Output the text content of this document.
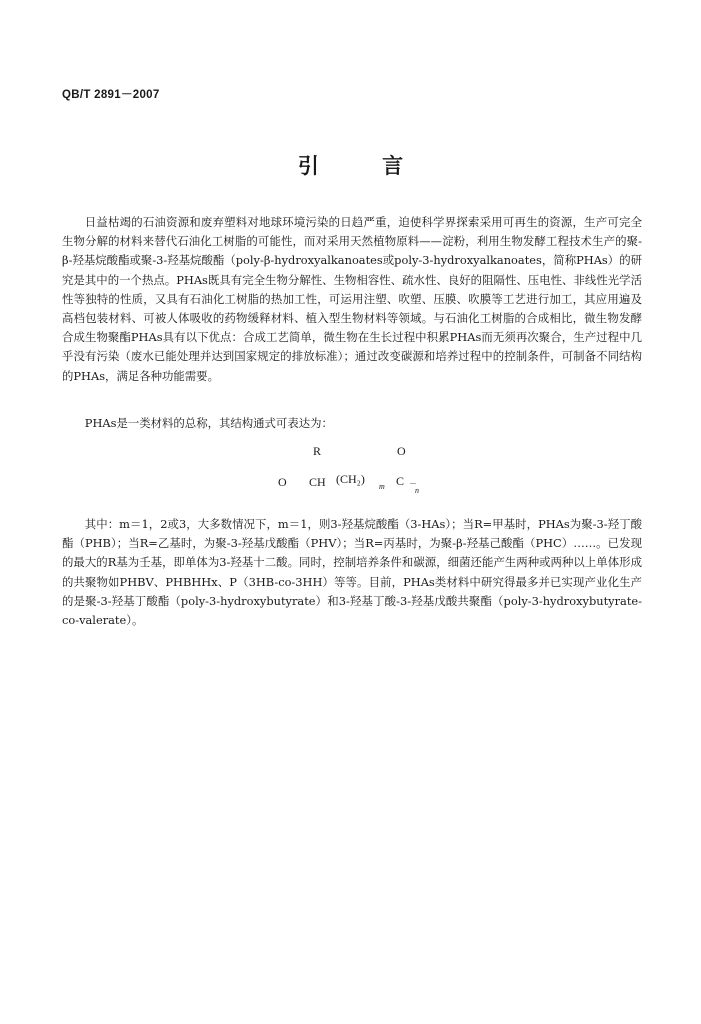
QB/T 2891－2007
引 言

日益枯竭的石油资源和废弃塑料对地球环境污染的日趋严重，迫使科学界探索采用可再生的资源，生产可完全生物分解的材料来替代石油化工树脂的可能性，而对采用天然植物原料——淀粉，利用生物发酵工程技术生产的聚-β-羟基烷酸酯或聚-3-羟基烷酸酯（poly-β-hydroxyalkanoates或poly-3-hydroxyalkanoates，简称PHAs）的研究是其中的一个热点。PHAs既具有完全生物分解性、生物相容性、疏水性、良好的阻隔性、压电性、非线性光学活性等独特的性质，又具有石油化工树脂的热加工性，可运用注塑、吹塑、压膜、吹膜等工艺进行加工，其应用遍及高档包装材料、可被人体吸收的药物缓释材料、植入型生物材料等领域。与石油化工树脂的合成相比，微生物发酵合成生物聚酯PHAs具有以下优点：合成工艺简单，微生物在生长过程中积累PHAs而无须再次聚合，生产过程中几乎没有污染（废水已能处理并达到国家规定的排放标准）；通过改变碳源和培养过程中的控制条件，可制备不同结构的PHAs，满足各种功能需要。

PHAs是一类材料的总称，其结构通式可表达为：

R	O
O CH (CH₂)
m C －
n

其中：m＝1，2或3，大多数情况下，m＝1，则3-羟基烷酸酯（3-HAs）；当R=甲基时，PHAs为聚-3-羟丁酸酯（PHB）；当R=乙基时，为聚-3-羟基戊酸酯（PHV）；当R=丙基时，为聚-β-羟基己酸酯（PHC）……。已发现的最大的R基为壬基，即单体为3-羟基十二酸。同时，控制培养条件和碳源，细菌还能产生两种或两种以上单体形成的共聚物如PHBV、PHBHHx、P（3HB-co-3HH）等等。目前，PHAs类材料中研究得最多并已实现产业化生产的是聚-3-羟基丁酸酯（poly-3-hydroxybutyrate）和3-羟基丁酸-3-羟基戊酸共聚酯（poly-3-hydroxybutyrate-co-valerate）。
